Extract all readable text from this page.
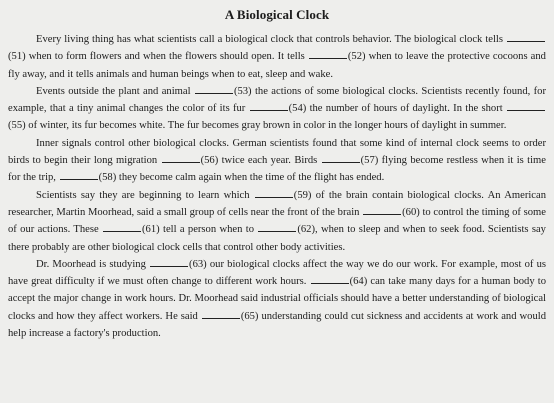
A Biological Clock

Every living thing has what scientists call a biological clock that controls behavior. The biological clock tells (51) when to form flowers and when the flowers should open. It tells	(52) when to leave the protective cocoons and fly away, and it tells animals and human beings when to eat, sleep and wake.

Events outside the plant and animal	(53) the actions of some biological clocks. Scientists recently found, for example, that a tiny animal changes the color of its fur	(54) the number of hours of daylight. In the short (55) of winter, its fur becomes white. The fur becomes gray brown in color in the longer hours of daylight in summer.

Inner signals control other biological clocks. German scientists found that some kind of internal clock seems to order birds to begin their long migration	(56) twice each year. Birds	(57) flying become restless when it is time for the trip,	(58) they become calm again when the time of the flight has ended.

Scientists say they are beginning to learn which	(59) of the brain contain biological clocks. An American researcher, Martin Moorhead, said a small group of cells near the front of the brain	(60) to control the timing of some of our actions. These	(61) tell a person when to	(62), when to sleep and when to seek food. Scientists say there probably are other biological clock cells that control other body activities.

Dr. Moorhead is studying	(63) our biological clocks affect the way we do our work. For example, most of us have great difficulty if we must often change to different work hours.	(64) can take many days for a human body to accept the major change in work hours. Dr. Moorhead said industrial officials should have a better understanding of biological clocks and how they affect workers. He said	(65) understanding could cut sickness and accidents at work and would help increase a factory's production.
